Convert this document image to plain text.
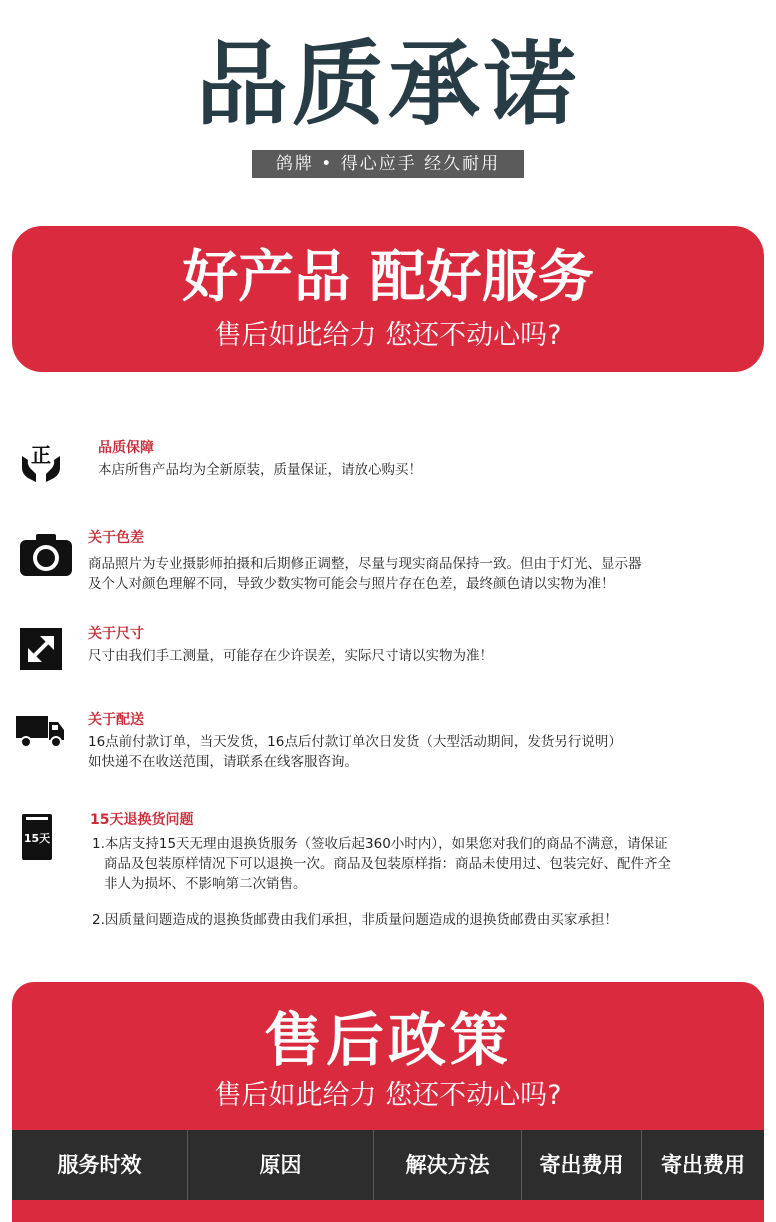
品质承诺
鸽牌 • 得心应手 经久耐用
好产品 配好服务
售后如此给力 您还不动心吗?
正	品质保障
本店所售产品均为全新原装，质量保证，请放心购买！
关于色差
商品照片为专业摄影师拍摄和后期修正调整，尽量与现实商品保持一致。但由于灯光、显示器
及个人对颜色理解不同，导致少数实物可能会与照片存在色差，最终颜色请以实物为准！
关于尺寸
尺寸由我们手工测量，可能存在少许误差，实际尺寸请以实物为准！
关于配送
16点前付款订单，当天发货，16点后付款订单次日发货（大型活动期间，发货另行说明）
如快递不在收送范围，请联系在线客服咨询。
15天
15天退换货问题
1.本店支持15天无理由退换货服务（签收后起360小时内），如果您对我们的商品不满意，请保证
商品及包装原样情况下可以退换一次。商品及包装原样指：商品未使用过、包装完好、配件齐全
非人为损坏、不影响第二次销售。
2.因质量问题造成的退换货邮费由我们承担，非质量问题造成的退换货邮费由买家承担！
售后政策
售后如此给力 您还不动心吗?
服务时效	原因	解决方法	寄出费用	寄出费用
